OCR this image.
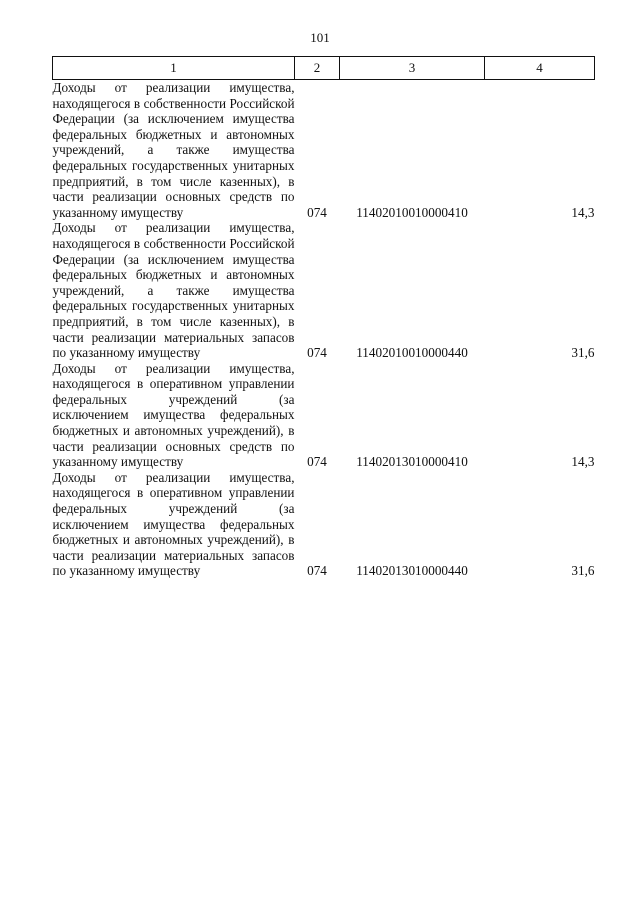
101
1	2	3	4
Доходы от реализации имущества, находящегося в собственности Российской Федерации (за исключением имущества федеральных бюджетных и автономных учреждений, а также имущества федеральных государственных унитарных предприятий, в том числе казенных), в части реализации основных средств по указанному имуществу	074	11402010010000410	14,3
Доходы от реализации имущества, находящегося в собственности Российской Федерации (за исключением имущества федеральных бюджетных и автономных учреждений, а также имущества федеральных государственных унитарных предприятий, в том числе казенных), в части реализации материальных запасов по указанному имуществу	074	11402010010000440	31,6
Доходы от реализации имущества, находящегося в оперативном управлении федеральных учреждений (за исключением имущества федеральных бюджетных и автономных учреждений), в части реализации основных средств по указанному имуществу	074	11402013010000410	14,3
Доходы от реализации имущества, находящегося в оперативном управлении федеральных учреждений (за исключением имущества федеральных бюджетных и автономных учреждений), в части реализации материальных запасов по указанному имуществу	074	11402013010000440	31,6
